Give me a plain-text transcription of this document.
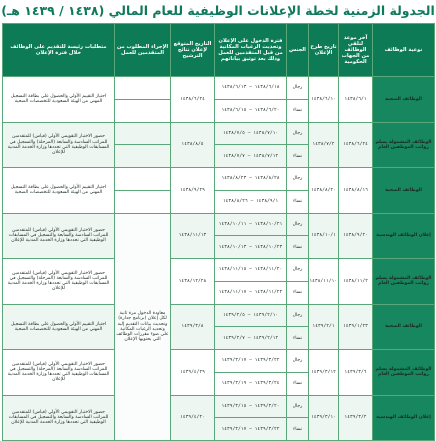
الجدولة الزمنية لخطة الإعلانات الوظيفية للعام المالي (١٤٣٨ / ١٤٣٩ هـ)
نوعية الوظائف	آخر موعد لتلقي الوظائف من الجهات الحكومية	تاريخ طرح الإعلان	الجنس	فترة الدخول على الإعلان وتحديث الرغبات المكانية من قبل المتقدمين للعمل وذلك بعد توثيق بياناتهم	التاريخ المتوقع لإعلان نتائج الترشيح	الإجراء المطلوب من المتقدمين للعمل	متطلبات رئيسة للتقديم على الوظائف خلال فترة الإعلان
الوظائف الصحية	١٤٣٨/٦/١	١٤٣٨/٦/١٠	رجال	١٤٣٨/٦/١٨ – ١٤٣٨/٦/١٣	١٤٣٨/٦/٢٤		اجتياز التقييم الأولي والحصول على بطاقة التسجيل المهني من الهيئة السعودية للتخصصات الصحية
			نساء	١٤٣٨/٦/٢٠ – ١٤٣٨/٦/١٥			
الوظائف المشمولة بسلم رواتب الموظفين العام	١٤٣٨/٦/٢٤	١٤٣٨/٧/٢	رجال	١٤٣٨/٧/١٠ – ١٤٣٨/٧/٥	١٤٣٨/٨/٥		حضور الاختبار التقويمي الأولي (قياس) للمتقدمين للمراتب السادسة والسابعة (المرحلة) والتسجيل في المسابقات الوظيفية التي تحددها وزارة الخدمة المدنية للإعلان
			نساء	١٤٣٨/٧/١٢ – ١٤٣٨/٧/٧			
الوظائف الصحية	١٤٣٨/٨/١٦	١٤٣٨/٨/٢٠	رجال	١٤٣٨/٨/٢٨ – ١٤٣٨/٨/٢٣	١٤٣٨/٩/٢٩		اجتياز التقييم الأولي والحصول على بطاقة التسجيل المهني من الهيئة السعودية للتخصصات الصحية
			نساء	١٤٣٨/٩/١ – ١٤٣٨/٨/٢٦			
إعلان الوظائف الهندسية	١٤٣٨/٩/٢٠	١٤٣٨/١٠/١	رجال	١٤٣٨/١٠/٢١ – ١٤٣٨/١٠/١١	١٤٣٨/١١/١٣	معاودة الدخول مرة ثانية لكل إعلان (برنامج جدارة) وتحديث بيانات التقديم إليه وتحديد الرغبات المكانية على ضوء مقررات الوظائف التي يحتويها الإعلان	حضور الاختبار التقويمي الأولي (قياس) للمتقدمين للمراتب السادسة والسابعة والتسجيل في المسابقات الوظيفية التي تحددها وزارة الخدمة المدنية للإعلان
			نساء	١٤٣٨/١٠/٢٣ – ١٤٣٨/١٠/١٣			
الوظائف المشمولة بسلم رواتب الموظفين العام	١٤٣٨/١١/٢	١٤٣٨/١١/١٠	رجال	١٤٣٨/١١/٢٠ – ١٤٣٨/١١/١٥	١٤٣٨/١٢/٢٨		حضور الاختبار التقويمي الأولي (قياس) للمتقدمين للمراتب السادسة والسابعة (المرحلة) والتسجيل في المسابقات الوظيفية التي تحددها وزارة الخدمة المدنية للإعلان
			نساء	١٤٣٨/١١/٢٢ – ١٤٣٨/١١/١٧			
الوظائف الصحية	١٤٣٩/١/٢٣	١٤٣٩/٢/١	رجال	١٤٣٩/٢/١٠ – ١٤٣٩/٢/٥	١٤٣٩/٣/٨		اجتياز التقييم الأولي والحصول على بطاقة التسجيل المهني من الهيئة السعودية للتخصصات الصحية
			نساء	١٤٣٩/٢/١٢ – ١٤٣٩/٢/٧			
الوظائف المشمولة بسلم رواتب الموظفين العام	١٤٣٩/٣/٦	١٤٣٩/٣/١٢	رجال	١٤٣٩/٣/٢٢ – ١٤٣٩/٣/١٧	١٤٣٩/٤/٢٩		حضور الاختبار التقويمي الأولي (قياس) للمتقدمين للمراتب السادسة والسابعة (المرحلة) والتسجيل في المسابقات الوظيفية التي تحددها وزارة الخدمة المدنية للإعلان
			نساء	١٤٣٩/٣/٢٤ – ١٤٣٩/٣/١٩			
إعلان الوظائف الهندسية	١٤٣٩/٣/٢	١٤٣٩/٣/١٠	رجال	١٤٣٩/٣/٢٠ – ١٤٣٩/٣/١٥	١٤٣٩/٤/٢٠		حضور الاختبار التقويمي الأولي (قياس) للمتقدمين للمراتب السادسة والسابعة والتسجيل في المسابقات الوظيفية التي تحددها وزارة الخدمة المدنية للإعلان
			نساء	١٤٣٩/٣/٢٢ – ١٤٣٩/٣/١٧			
